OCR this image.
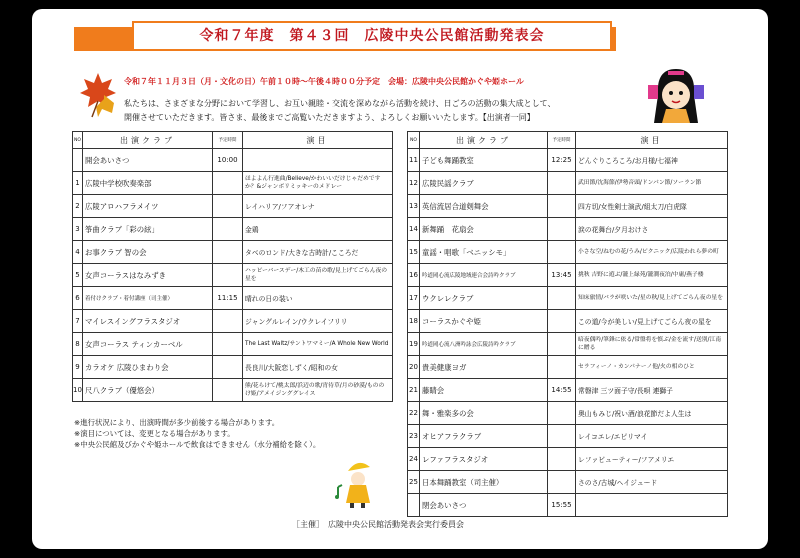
令和７年度　第４３回　広陵中央公民館活動発表会
令和７年１１月３日（月・文化の日）午前１０時～午後４時００分予定　会場：広陵中央公民館かぐや姫ホール

私たちは、さまざまな分野において学習し、お互い親睦・交流を深めながら活動を続け、日ごろの活動の集大成として、

開催させていただきます。皆さま、最後までご高覧いただきますよう、よろしくお願いいたします。【出演者一同】

NO	出演クラブ	予定時間	演目
	開会あいさつ	10:00	
1	広陵中学校吹奏楽部		ほよよん行進曲/Believe/かわいいだけじゃだめですか？&ジャンボリミッキーのメドレー
2	広陵アロハフラメイツ		レイハリア/フアオレナ
3	筝曲クラブ「彩の絃」		金鶏
4	お事クラブ 智の会		タベのロンド/大きな古時計/こころだ
5	女声コーラスはなみずき		ハッピーバースデー/木工の苗の歌/見上げてごらん夜の星を
6	着付けクラブ・着付講座（司主催）	11:15	晴れの日の装い
7	マイレスイングフラスタジオ		ジャングルレイン/ウクレイフリリ
8	女声コーラス ティンカーベル		The Last Waltz/サントワマミー/A Whole New World
9	カラオケ 広陵ひまわり会		長良川/大阪恋しずく/昭和の女
10	尺八クラブ（優悠会）		熊/花らけて/桃太郎/浜辺の歌/宵待草/月の砂漠/もののけ姫/アメイジンググレイス
NO	出演クラブ	予定時間	演目
11	子ども舞踊教室	12:25	どんぐりころころ/お月様/七福神
12	広陵民謡クラブ		武田節/沈海節/伊勢音頭/ドンパン節/ソーラン節
13	英信流居合道剣舞会		四方切/女性剣士演武/組太刀/白虎隊
14	新舞踊　花扇会		涙の花舞台/夕月おけさ
15	童謡・唱歌「ベニッシモ」		小さな空/ねむの花/うみ/ピクニック/広陵われら夢の町
16	吟道岡心流広陵地域連合会詩吟クラブ	13:45	挑秋 吉野に遊ぶ/瀧上緑苑/瀧澗夜泊/中庸/燕子楼
17	ウクレレクラブ		知床旅情/バラが咲いた/星の秋/見上げてごらん夜の星を
18	コーラスかぐや姫		この道/今が美しい/見上げてごらん夜の星を
19	吟道岡心流八洲吟詠会広陵詩吟クラブ		暗夜偶吟/筆鋒に依る/常盤将を慎ぶ/金を流す/送別/江南に贈る
20	貴美健康ヨガ		セラフィーノ・カンパナーノ他/火の相のひと
21	藤睛会	14:55	常磐津 三ツ面子守/長唄 連獅子
22	舞・雅楽多の会		奥山もみじ/祝い酒/浪花節だよ人生は
23	オヒアフラクラブ		レイコエレ/エピリマイ
24	レファフラスタジオ		レファビューティー/フアメリエ
25	日本舞踊教室（司主催）		さのさ/古城/ヘイジュード
	閉会あいさつ	15:55	
※進行状況により、出演時間が多少前後する場合があります。
※演目については、変更となる場合があります。
※中央公民館及びかぐや姫ホールで飲食はできません（水分補給を除く）。
［主催］　広陵中央公民館活動発表会実行委員会
